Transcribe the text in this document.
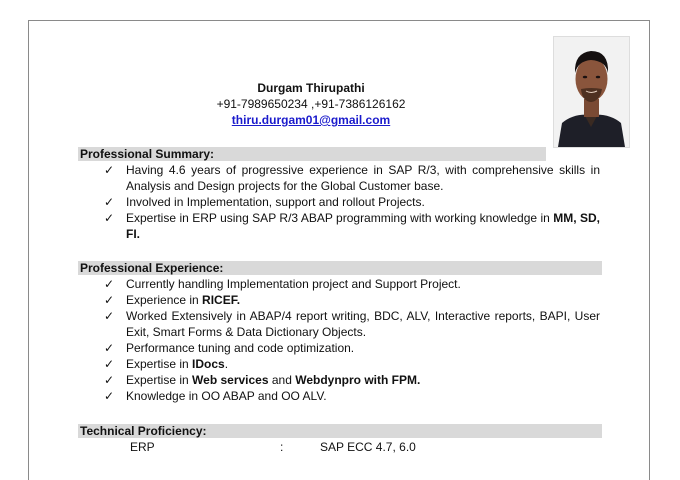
Durgam Thirupathi
+91-7989650234 ,+91-7386126162
thiru.durgam01@gmail.com
Professional Summary:
✓ Having 4.6 years of progressive experience in SAP R/3, with comprehensive skills in Analysis and Design projects for the Global Customer base.
✓ Involved in Implementation, support and rollout Projects.
✓ Expertise in ERP using SAP R/3 ABAP programming with working knowledge in MM, SD, FI.
Professional Experience:
✓ Currently handling Implementation project and Support Project.
✓ Experience in RICEF.
✓ Worked Extensively in ABAP/4 report writing, BDC, ALV, Interactive reports, BAPI, User Exit, Smart Forms & Data Dictionary Objects.
✓ Performance tuning and code optimization.
✓ Expertise in IDocs.
✓ Expertise in Web services and Webdynpro with FPM.
✓ Knowledge in OO ABAP and OO ALV.
Technical Proficiency:
ERP	:	SAP ECC 4.7, 6.0
